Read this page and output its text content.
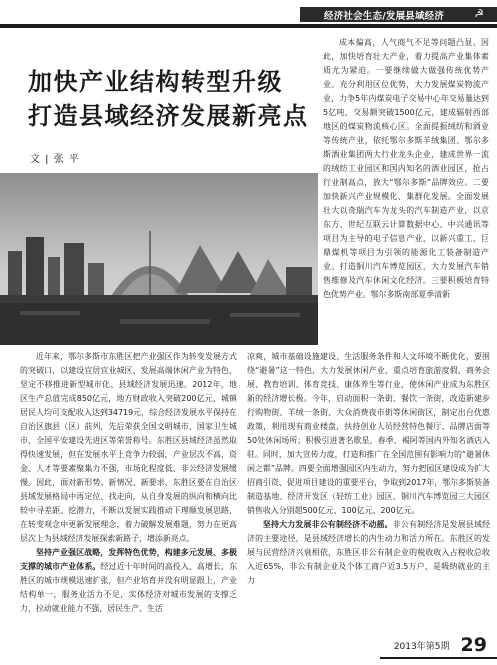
经济社会生态/发展县域经济	☭
加快产业结构转型升级
打造县域经济发展新亮点
文 | 张 平

成本偏高，人气商气不足等问题凸显。因此，加快培育壮大产业，着力提高产业集体素质尤为紧迫。一要继续做大做强传统优势产业。充分利用区位优势，大力发展煤炭物流产业，力争5年内煤炭电子交易中心年交易量达到5亿吨，交易额突破1500亿元，建成辐射西部地区的煤炭物流核心区。全面提振绒纺和酒业等传统产业，依托鄂尔多斯羊绒集团、鄂尔多斯酒业集团两大行业龙头企业，建成世界一流的绒纺工业园区和国内知名的酒业园区，抢占行业制高点，放大“鄂尔多斯”品牌效应。二要加快新兴产业规模化、集群化发展。全面发展壮大以奇瑞汽车为龙头的汽车制造产业，以京东方、世纪互联云计算数据中心、中兴通讯等项目为主导的电子信息产业，以新兴重工、巨鼎煤机等项目为引领的能源化工装备制造产业。打造铜川汽车博览园区，大力发展汽车销售维修及汽车休闲文化经济。三要积极培育特色优势产业。鄂尔多斯南部夏季清新

近年来，鄂尔多斯市东胜区把产业强区作为转变发展方式的突破口，以建设宜居宜业城区、发展高端休闲产业为特色，坚定不移推进新型城市化、县域经济发展迅速。2012年，地区生产总值完成850亿元，地方财政收入突破200亿元，城镇居民人均可支配收入达到34719元，综合经济发展水平保持在自治区旗县（区）前列，先后荣获全国文明城市、国家卫生城市、全国平安建设先进区等荣誉称号。东胜区县域经济虽然取得快速发展，但在发展水平上竞争力较弱，产业层次不高，资金、人才等要素聚集力不强，市场化程度低、非公经济发展缓慢。因此，面对新形势、新情况、新要求，东胜区要在自治区县域发展格局中再定位、找走向，从自身发展的纵向和横向比较中寻差距、挖潜力，不断以发展实践推动下理顺发展思路，在转变观念中更新发展理念，着力破解发展难题，努力在更高层次上为县域经济发展探索新路子，增添新亮点。

坚持产业强区战略，发挥特色优势，构建多元发展、多极支撑的城市产业体系。经过近十年时间的高投入、高增长，东胜区的城市规模迅速扩张，但产业培育并没有明显跟上，产业结构单一，服务业活力不足，实体经济对城市发展的支撑乏力，拉动就业能力不强，居民生产、生活

凉爽，城市基础设施建设、生活服务条件和人文环境不断优化，要围绕“避暑”这一特色，大力发展休闲产业，重点培育旅游度假、商务会展、教育培训、体育竞技、康体养生等行业，使休闲产业成为东胜区新的经济增长极。今年，启动面积一条街、餐饮一条街，改造新建步行购物街、羊绒一条街、大众消费夜市街等休闲街区，制定出台优惠政策，利用现有商业楼盘，扶持创业人员经营特色餐厅、品牌店面等50处休闲场所；积极引进著名歌星，春季、褐阿等国内外知名酒店入驻。同时，加大宣传力度，打造和推广在全国范围有影响力的“避暑休闲之都”品牌。四要全面增强园区内生动力，努力把园区建设成为扩大招商引资、促进项目建设的重要平台，争取到2017年，鄂尔多斯装备制造基地、经济开发区（轻纺工业）园区、铜川汽车博览园三大园区销售收入分别超500亿元、100亿元、200亿元。

坚持大力发展非公有制经济不动摇。非公有制经济是发展县域经济的主要途径，是县域经济增长的内生动力和活力所在。东胜区的发展与民营经济兴衰相依，东胜区非公有制企业的税收收入占税收总收入近65%，非公有制企业及个体工商户近3.5万户，是吸纳就业的主力

2013年第5期 29
